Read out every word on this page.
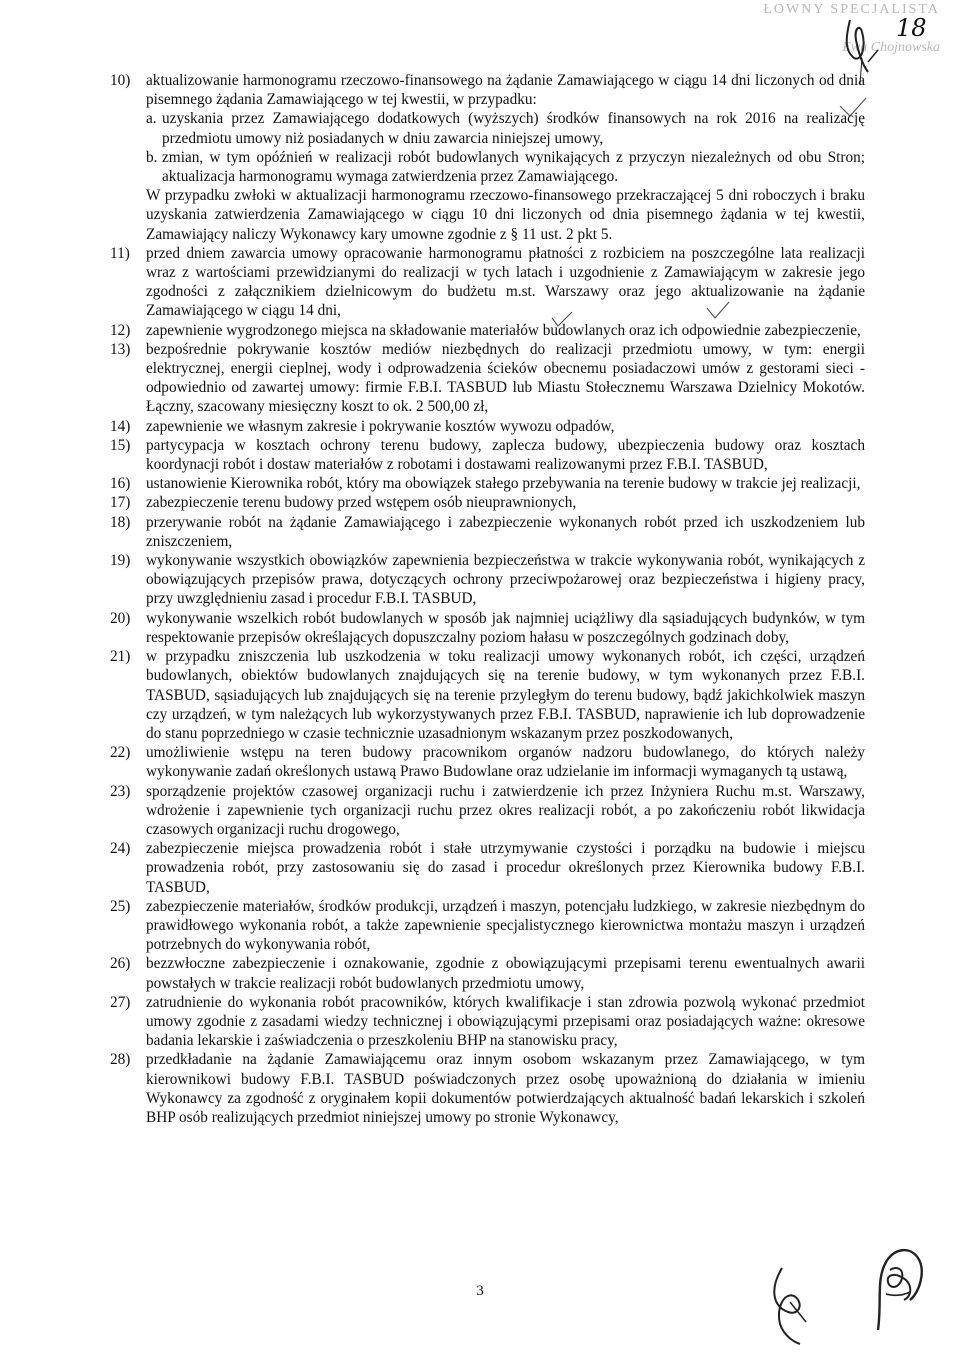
ŁOWNY SPECJALISTA
Ewa Chojnowska
18
10)	aktualizowanie harmonogramu rzeczowo-finansowego na żądanie Zamawiającego w ciągu 14 dni liczonych od dnia pisemnego żądania Zamawiającego w tej kwestii, w przypadku:
a. uzyskania przez Zamawiającego dodatkowych (wyższych) środków finansowych na rok 2016 na realizację przedmiotu umowy niż posiadanych w dniu zawarcia niniejszej umowy,
b. zmian, w tym opóźnień w realizacji robót budowlanych wynikających z przyczyn niezależnych od obu Stron; aktualizacja harmonogramu wymaga zatwierdzenia przez Zamawiającego.
W przypadku zwłoki w aktualizacji harmonogramu rzeczowo-finansowego przekraczającej 5 dni roboczych i braku uzyskania zatwierdzenia Zamawiającego w ciągu 10 dni liczonych od dnia pisemnego żądania w tej kwestii, Zamawiający naliczy Wykonawcy kary umowne zgodnie z § 11 ust. 2 pkt 5.
11)	przed dniem zawarcia umowy opracowanie harmonogramu płatności z rozbiciem na poszczególne lata realizacji wraz z wartościami przewidzianymi do realizacji w tych latach i uzgodnienie z Zamawiającym w zakresie jego zgodności z załącznikiem dzielnicowym do budżetu m.st. Warszawy oraz jego aktualizowanie na żądanie Zamawiającego w ciągu 14 dni,
12)	zapewnienie wygrodzonego miejsca na składowanie materiałów budowlanych oraz ich odpowiednie zabezpieczenie,
13)	bezpośrednie pokrywanie kosztów mediów niezbędnych do realizacji przedmiotu umowy, w tym: energii elektrycznej, energii cieplnej, wody i odprowadzenia ścieków obecnemu posiadaczowi umów z gestorami sieci - odpowiednio od zawartej umowy: firmie F.B.I. TASBUD lub Miastu Stołecznemu Warszawa Dzielnicy Mokotów. Łączny, szacowany miesięczny koszt to ok. 2 500,00 zł,
14)	zapewnienie we własnym zakresie i pokrywanie kosztów wywozu odpadów,
15)	partycypacja w kosztach ochrony terenu budowy, zaplecza budowy, ubezpieczenia budowy oraz kosztach koordynacji robót i dostaw materiałów z robotami i dostawami realizowanymi przez F.B.I. TASBUD,
16)	ustanowienie Kierownika robót, który ma obowiązek stałego przebywania na terenie budowy w trakcie jej realizacji,
17)	zabezpieczenie terenu budowy przed wstępem osób nieuprawnionych,
18)	przerywanie robót na żądanie Zamawiającego i zabezpieczenie wykonanych robót przed ich uszkodzeniem lub zniszczeniem,
19)	wykonywanie wszystkich obowiązków zapewnienia bezpieczeństwa w trakcie wykonywania robót, wynikających z obowiązujących przepisów prawa, dotyczących ochrony przeciwpożarowej oraz bezpieczeństwa i higieny pracy, przy uwzględnieniu zasad i procedur F.B.I. TASBUD,
20)	wykonywanie wszelkich robót budowlanych w sposób jak najmniej uciążliwy dla sąsiadujących budynków, w tym respektowanie przepisów określających dopuszczalny poziom hałasu w poszczególnych godzinach doby,
21)	w przypadku zniszczenia lub uszkodzenia w toku realizacji umowy wykonanych robót, ich części, urządzeń budowlanych, obiektów budowlanych znajdujących się na terenie budowy, w tym wykonanych przez F.B.I. TASBUD, sąsiadujących lub znajdujących się na terenie przyległym do terenu budowy, bądź jakichkolwiek maszyn czy urządzeń, w tym należących lub wykorzystywanych przez F.B.I. TASBUD, naprawienie ich lub doprowadzenie do stanu poprzedniego w czasie technicznie uzasadnionym wskazanym przez poszkodowanych,
22)	umożliwienie wstępu na teren budowy pracownikom organów nadzoru budowlanego, do których należy wykonywanie zadań określonych ustawą Prawo Budowlane oraz udzielanie im informacji wymaganych tą ustawą,
23)	sporządzenie projektów czasowej organizacji ruchu i zatwierdzenie ich przez Inżyniera Ruchu m.st. Warszawy, wdrożenie i zapewnienie tych organizacji ruchu przez okres realizacji robót, a po zakończeniu robót likwidacja czasowych organizacji ruchu drogowego,
24)	zabezpieczenie miejsca prowadzenia robót i stałe utrzymywanie czystości i porządku na budowie i miejscu prowadzenia robót, przy zastosowaniu się do zasad i procedur określonych przez Kierownika budowy F.B.I. TASBUD,
25)	zabezpieczenie materiałów, środków produkcji, urządzeń i maszyn, potencjału ludzkiego, w zakresie niezbędnym do prawidłowego wykonania robót, a także zapewnienie specjalistycznego kierownictwa montażu maszyn i urządzeń potrzebnych do wykonywania robót,
26)	bezzwłoczne zabezpieczenie i oznakowanie, zgodnie z obowiązującymi przepisami terenu ewentualnych awarii powstałych w trakcie realizacji robót budowlanych przedmiotu umowy,
27)	zatrudnienie do wykonania robót pracowników, których kwalifikacje i stan zdrowia pozwolą wykonać przedmiot umowy zgodnie z zasadami wiedzy technicznej i obowiązującymi przepisami oraz posiadających ważne: okresowe badania lekarskie i zaświadczenia o przeszkoleniu BHP na stanowisku pracy,
28)	przedkładanie na żądanie Zamawiającemu oraz innym osobom wskazanym przez Zamawiającego, w tym kierownikowi budowy F.B.I. TASBUD poświadczonych przez osobę upoważnioną do działania w imieniu Wykonawcy za zgodność z oryginałem kopii dokumentów potwierdzających aktualność badań lekarskich i szkoleń BHP osób realizujących przedmiot niniejszej umowy po stronie Wykonawcy,
3
